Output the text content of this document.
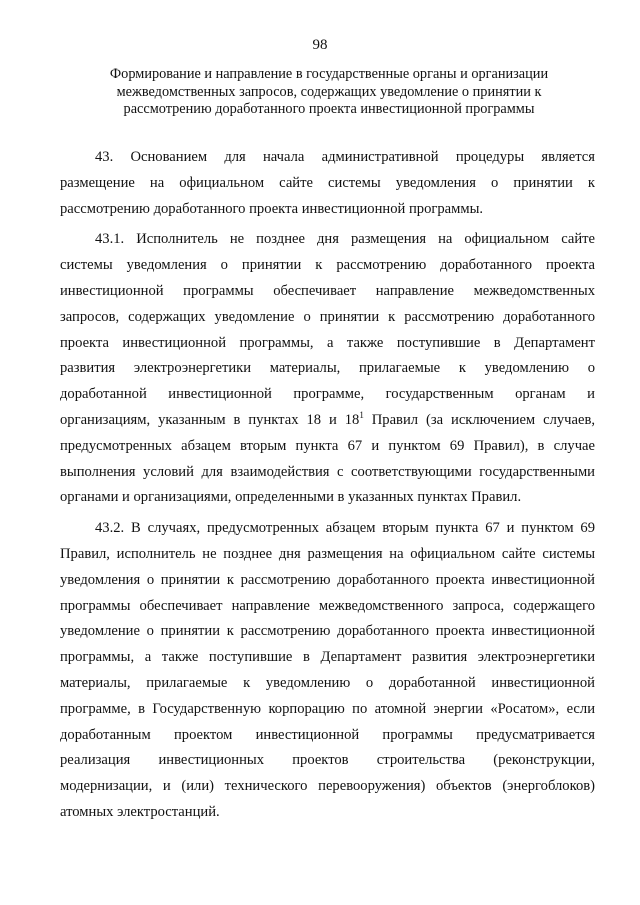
98
Формирование и направление в государственные органы и организации
межведомственных запросов, содержащих уведомление о принятии к
рассмотрению доработанного проекта инвестиционной программы
43. Основанием для начала административной процедуры является
размещение на официальном сайте системы уведомления о принятии к
рассмотрению доработанного проекта инвестиционной программы.
43.1. Исполнитель не позднее дня размещения на официальном сайте
системы уведомления о принятии к рассмотрению доработанного проекта
инвестиционной программы обеспечивает направление межведомственных
запросов, содержащих уведомление о принятии к рассмотрению доработанного
проекта инвестиционной программы, а также поступившие в Департамент
развития электроэнергетики материалы, прилагаемые к уведомлению о
доработанной инвестиционной программе, государственным органам и
организациям, указанным в пунктах 18 и $18^1$ Правил (за исключением случаев,
предусмотренных абзацем вторым пункта 67 и пунктом 69 Правил), в случае
выполнения условий для взаимодействия с соответствующими государственными
органами и организациями, определенными в указанных пунктах Правил.
43.2. В случаях, предусмотренных абзацем вторым пункта 67 и пунктом 69
Правил, исполнитель не позднее дня размещения на официальном сайте системы
уведомления о принятии к рассмотрению доработанного проекта инвестиционной
программы обеспечивает направление межведомственного запроса, содержащего
уведомление о принятии к рассмотрению доработанного проекта инвестиционной
программы, а также поступившие в Департамент развития электроэнергетики
материалы, прилагаемые к уведомлению о доработанной инвестиционной
программе, в Государственную корпорацию по атомной энергии «Росатом», если
доработанным проектом инвестиционной программы предусматривается
реализация инвестиционных проектов строительства (реконструкции,
модернизации, и (или) технического перевооружения) объектов (энергоблоков)
атомных электростанций.
